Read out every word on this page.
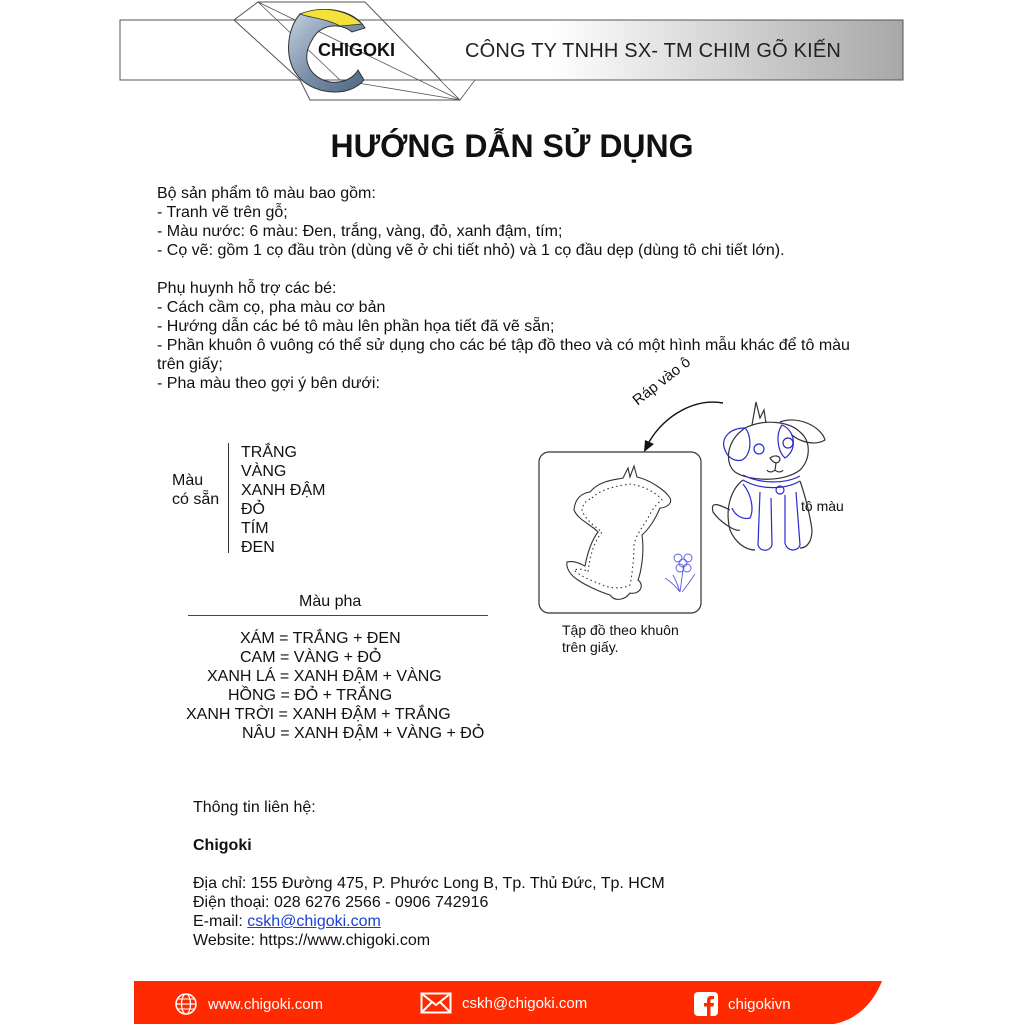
CHIGOKI	CÔNG TY TNHH SX- TM CHIM GÕ KIẾN
HƯỚNG DẪN SỬ DỤNG
Bộ sản phẩm tô màu bao gồm:
- Tranh vẽ trên gỗ;
- Màu nước: 6 màu: Đen, trắng, vàng, đỏ, xanh đậm, tím;
- Cọ vẽ: gồm 1 cọ đầu tròn (dùng vẽ ở chi tiết nhỏ) và 1 cọ đầu dẹp (dùng tô chi tiết lớn).
Phụ huynh hỗ trợ các bé:
- Cách cầm cọ, pha màu cơ bản
- Hướng dẫn các bé tô màu lên phần họa tiết đã vẽ sẵn;
- Phần khuôn ô vuông có thể sử dụng cho các bé tập đồ theo và có một hình mẫu khác để tô màu
trên giấy;
- Pha màu theo gợi ý bên dưới:
Màu
có sẵn
TRẮNG
VÀNG
XANH ĐẬM
ĐỎ
TÍM
ĐEN
Màu pha
XÁM = TRẮNG + ĐEN
CAM = VÀNG + ĐỎ
XANH LÁ = XANH ĐẬM + VÀNG
HỒNG = ĐỎ + TRẮNG
XANH TRỜI = XANH ĐẬM + TRẮNG
NÂU = XANH ĐẬM + VÀNG + ĐỎ
Ráp vào ô
tô màu
Tập đồ theo khuôn
trên giấy.
Thông tin liên hệ:
Chigoki
Địa chỉ: 155 Đường 475, P. Phước Long B, Tp. Thủ Đức, Tp. HCM
Điện thoại: 028 6276 2566 - 0906 742916
E-mail: cskh@chigoki.com
Website: https://www.chigoki.com
www.chigoki.com	cskh@chigoki.com	chigokivn
